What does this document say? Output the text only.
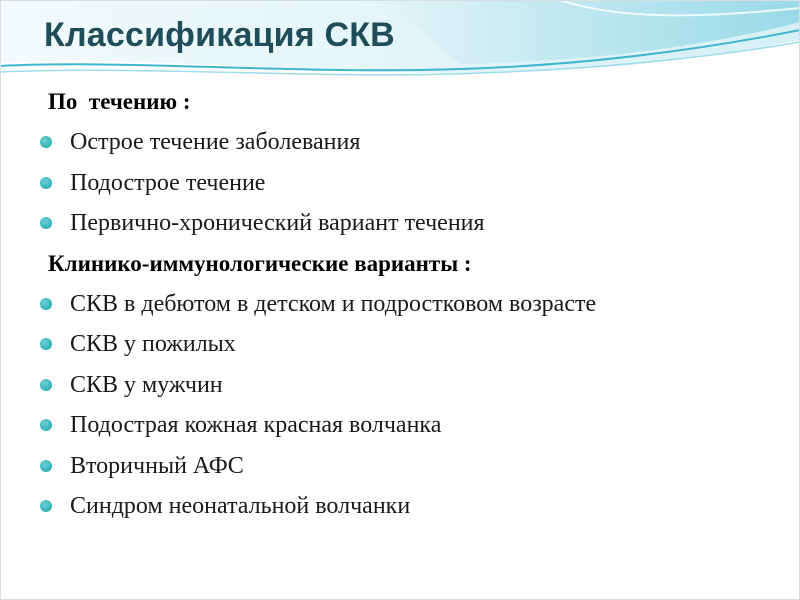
Классификация СКВ

По  течению :

Острое течение заболевания
Подострое течение
Первично-хронический вариант течения

Клинико-иммунологические варианты :

СКВ в дебютом в детском и подростковом возрасте
СКВ у пожилых
СКВ у мужчин
Подострая кожная красная волчанка
Вторичный АФС
Синдром неонатальной волчанки
